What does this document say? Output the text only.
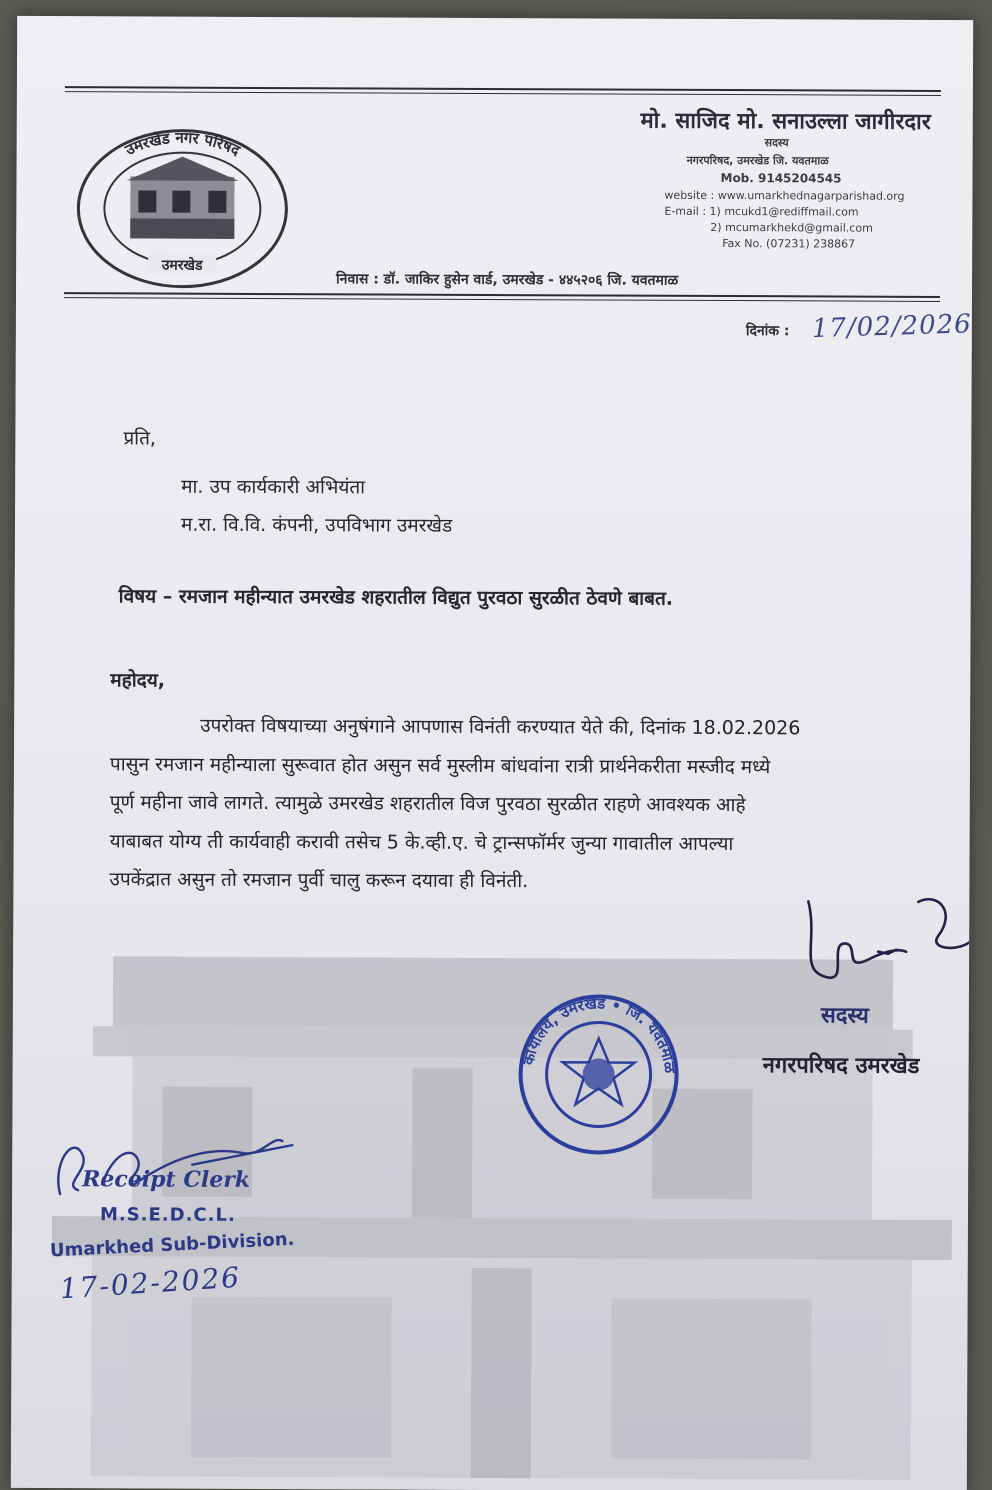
उमरखेड नगर परिषद
उमरखेड
मो. साजिद मो. सनाउल्ला जागीरदार
सदस्य
नगरपरिषद, उमरखेड जि. यवतमाळ
Mob. 9145204545
website : www.umarkhednagarparishad.org
E-mail : 1) mcukd1@rediffmail.com
2) mcumarkhekd@gmail.com
Fax No. (07231) 238867
निवास : डॉ. जाकिर हुसेन वार्ड, उमरखेड - ४४५२०६ जि. यवतमाळ
दिनांक : 17/02/2026
प्रति,
मा. उप कार्यकारी अभियंता
म.रा. वि.वि. कंपनी, उपविभाग उमरखेड
विषय – रमजान महीन्यात उमरखेड शहरातील विद्युत पुरवठा सुरळीत ठेवणे बाबत.
महोदय,
उपरोक्त विषयाच्या अनुषंगाने आपणास विनंती करण्यात येते की, दिनांक 18.02.2026
पासुन रमजान महीन्याला सुरूवात होत असुन सर्व मुस्लीम बांधवांना रात्री प्रार्थनेकरीता मस्जीद मध्ये
पूर्ण महीना जावे लागते. त्यामुळे उमरखेड शहरातील विज पुरवठा सुरळीत राहणे आवश्यक आहे
याबाबत योग्य ती कार्यवाही करावी तसेच 5 के.व्ही.ए. चे ट्रान्सफॉर्मर जुन्या गावातील आपल्या
उपकेंद्रात असुन तो रमजान पुर्वी चालु करून दयावा ही विनंती.
कार्यालय, उमरखेड • जि. यवतमाळ
सदस्य
नगरपरिषद उमरखेड
Receipt Clerk
M.S.E.D.C.L.
Umarkhed Sub-Division.
17-02-2026
